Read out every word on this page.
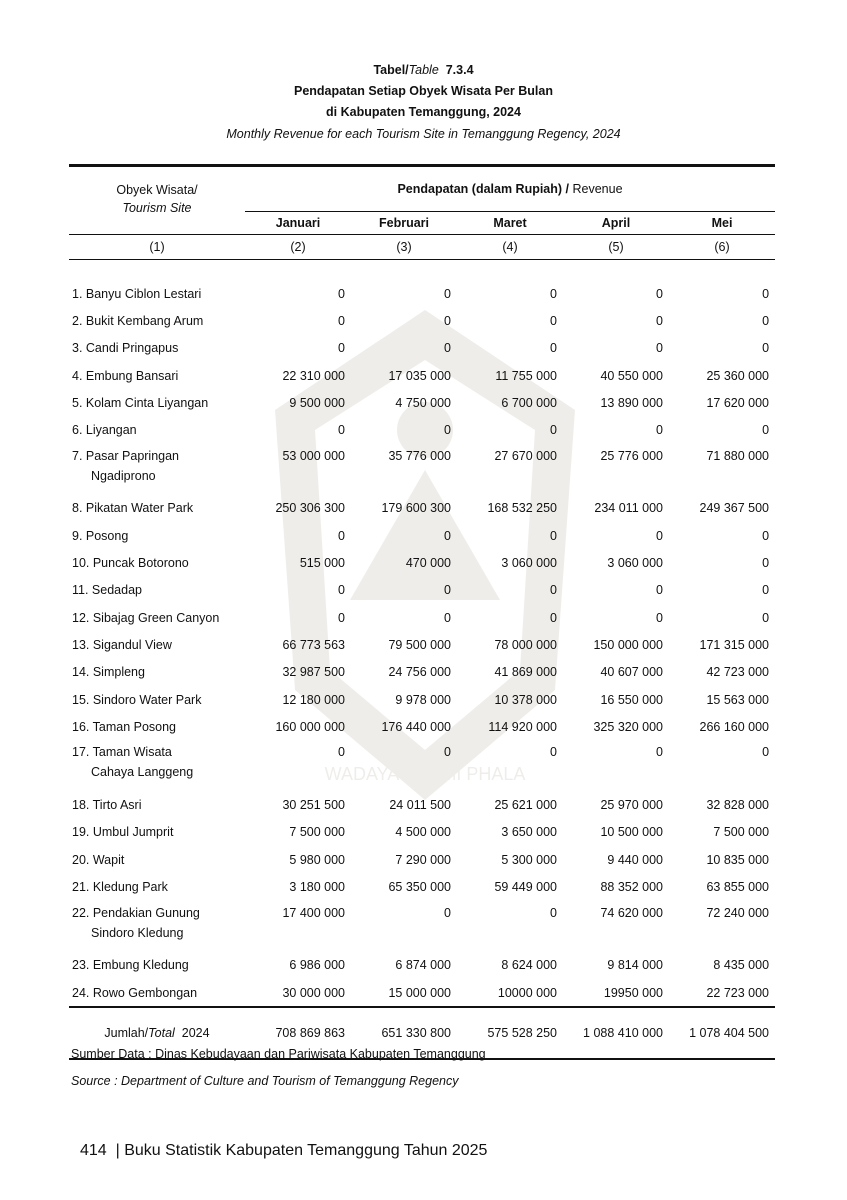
WADAYA BHUMI PHALA
Tabel/Table 7.3.4
Pendapatan Setiap Obyek Wisata Per Bulan
di Kabupaten Temanggung, 2024
Monthly Revenue for each Tourism Site in Temanggung Regency, 2024
Obyek Wisata/
Tourism Site	Pendapatan (dalam Rupiah) / Revenue				
	Januari	Februari	Maret	April	Mei
(1)	(2)	(3)	(4)	(5)	(6)

1. Banyu Ciblon Lestari	0	0	0	0	0

2. Bukit Kembang Arum	0	0	0	0	0

3. Candi Pringapus	0	0	0	0	0

4. Embung Bansari	22 310 000	17 035 000	11 755 000	40 550 000	25 360 000

5. Kolam Cinta Liyangan	9 500 000	4 750 000	6 700 000	13 890 000	17 620 000

6. Liyangan	0	0	0	0	0

7. Pasar Papringan
Ngadiprono	53 000 000	35 776 000	27 670 000	25 776 000	71 880 000

8. Pikatan Water Park	250 306 300	179 600 300	168 532 250	234 011 000	249 367 500

9. Posong	0	0	0	0	0

10. Puncak Botorono	515 000	470 000	3 060 000	3 060 000	0

11. Sedadap	0	0	0	0	0

12. Sibajag Green Canyon	0	0	0	0	0

13. Sigandul View	66 773 563	79 500 000	78 000 000	150 000 000	171 315 000

14. Simpleng	32 987 500	24 756 000	41 869 000	40 607 000	42 723 000

15. Sindoro Water Park	12 180 000	9 978 000	10 378 000	16 550 000	15 563 000

16. Taman Posong	160 000 000	176 440 000	114 920 000	325 320 000	266 160 000

17. Taman Wisata
Cahaya Langgeng	0	0	0	0	0

18. Tirto Asri	30 251 500	24 011 500	25 621 000	25 970 000	32 828 000

19. Umbul Jumprit	7 500 000	4 500 000	3 650 000	10 500 000	7 500 000

20. Wapit	5 980 000	7 290 000	5 300 000	9 440 000	10 835 000

21. Kledung Park	3 180 000	65 350 000	59 449 000	88 352 000	63 855 000

22. Pendakian Gunung
Sindoro Kledung	17 400 000	0	0	74 620 000	72 240 000

23. Embung Kledung	6 986 000	6 874 000	8 624 000	9 814 000	8 435 000

24. Rowo Gembongan	30 000 000	15 000 000	10000 000	19950 000	22 723 000
Jumlah/Total 2024	708 869 863	651 330 800	575 528 250	1 088 410 000	1 078 404 500
Sumber Data : Dinas Kebudayaan dan Pariwisata Kabupaten Temanggung
Source : Department of Culture and Tourism of Temanggung Regency
414 | Buku Statistik Kabupaten Temanggung Tahun 2025
